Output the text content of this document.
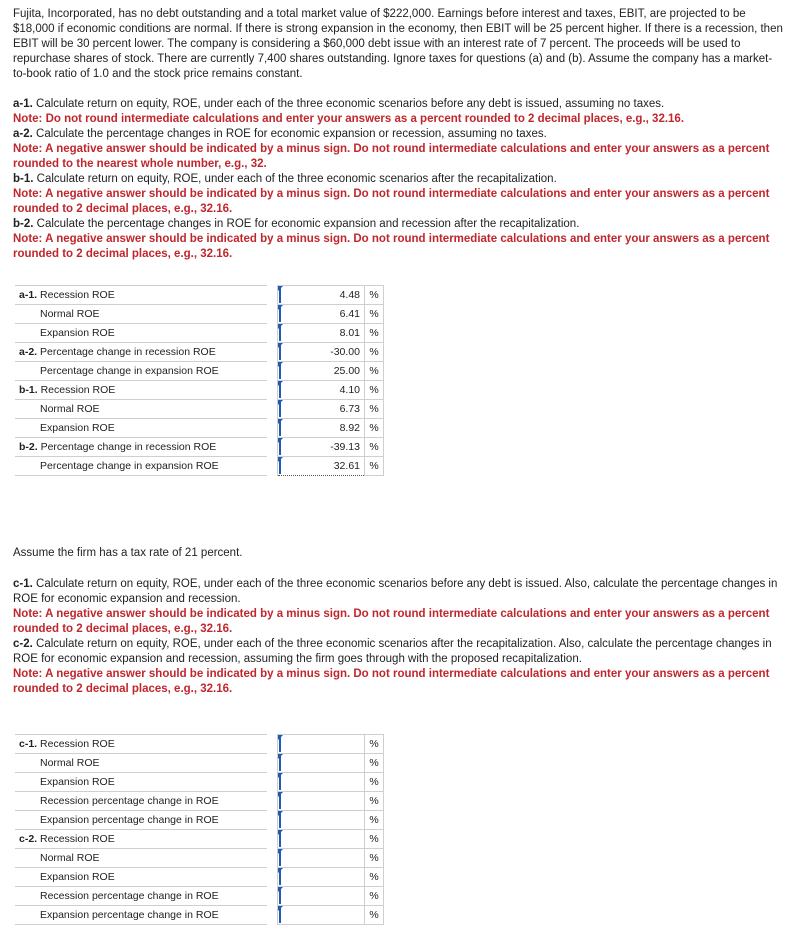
Fujita, Incorporated, has no debt outstanding and a total market value of $222,000. Earnings before interest and taxes, EBIT, are projected to be $18,000 if economic conditions are normal. If there is strong expansion in the economy, then EBIT will be 25 percent higher. If there is a recession, then EBIT will be 30 percent lower. The company is considering a $60,000 debt issue with an interest rate of 7 percent. The proceeds will be used to repurchase shares of stock. There are currently 7,400 shares outstanding. Ignore taxes for questions (a) and (b). Assume the company has a market-to-book ratio of 1.0 and the stock price remains constant.
a-1. Calculate return on equity, ROE, under each of the three economic scenarios before any debt is issued, assuming no taxes.
Note: Do not round intermediate calculations and enter your answers as a percent rounded to 2 decimal places, e.g., 32.16.
a-2. Calculate the percentage changes in ROE for economic expansion or recession, assuming no taxes.
Note: A negative answer should be indicated by a minus sign. Do not round intermediate calculations and enter your answers as a percent rounded to the nearest whole number, e.g., 32.
b-1. Calculate return on equity, ROE, under each of the three economic scenarios after the recapitalization.
Note: A negative answer should be indicated by a minus sign. Do not round intermediate calculations and enter your answers as a percent rounded to 2 decimal places, e.g., 32.16.
b-2. Calculate the percentage changes in ROE for economic expansion and recession after the recapitalization.
Note: A negative answer should be indicated by a minus sign. Do not round intermediate calculations and enter your answers as a percent rounded to 2 decimal places, e.g., 32.16.
a-1. Recession ROE		4.48	%
Normal ROE		6.41	%
Expansion ROE		8.01	%
a-2. Percentage change in recession ROE		-30.00	%
Percentage change in expansion ROE		25.00	%
b-1. Recession ROE		4.10	%
Normal ROE		6.73	%
Expansion ROE		8.92	%
b-2. Percentage change in recession ROE		-39.13	%
Percentage change in expansion ROE		32.61	%
Assume the firm has a tax rate of 21 percent.
c-1. Calculate return on equity, ROE, under each of the three economic scenarios before any debt is issued. Also, calculate the percentage changes in ROE for economic expansion and recession.
Note: A negative answer should be indicated by a minus sign. Do not round intermediate calculations and enter your answers as a percent rounded to 2 decimal places, e.g., 32.16.
c-2. Calculate return on equity, ROE, under each of the three economic scenarios after the recapitalization. Also, calculate the percentage changes in ROE for economic expansion and recession, assuming the firm goes through with the proposed recapitalization.
Note: A negative answer should be indicated by a minus sign. Do not round intermediate calculations and enter your answers as a percent rounded to 2 decimal places, e.g., 32.16.
c-1. Recession ROE			%
Normal ROE			%
Expansion ROE			%
Recession percentage change in ROE			%
Expansion percentage change in ROE			%
c-2. Recession ROE			%
Normal ROE			%
Expansion ROE			%
Recession percentage change in ROE			%
Expansion percentage change in ROE			%
